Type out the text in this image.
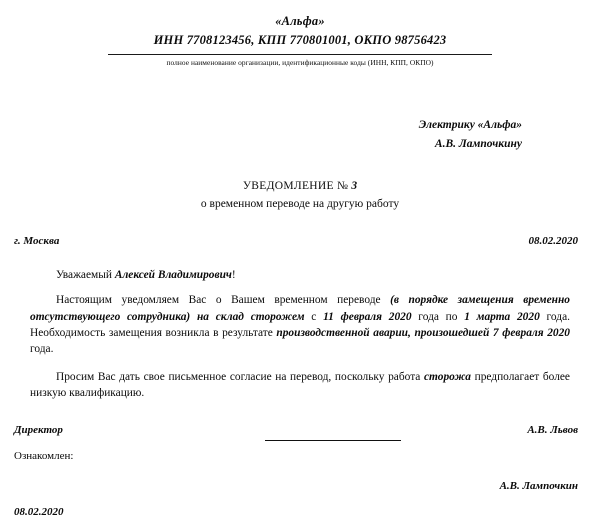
«Альфа»
ИНН 7708123456, КПП 770801001, ОКПО 98756423
полное наименование организации, идентификационные коды (ИНН, КПП, ОКПО)
Электрику «Альфа»
А.В. Лампочкину
УВЕДОМЛЕНИЕ № 3
о временном переводе на другую работу
г. Москва	08.02.2020
Уважаемый Алексей Владимирович!

Настоящим уведомляем Вас о Вашем временном переводе (в порядке замещения временно отсутствующего сотрудника) на склад сторожем с 11 февраля 2020 года по 1 марта 2020 года. Необходимость замещения возникла в результате производственной аварии, произошедшей 7 февраля 2020 года.

Просим Вас дать свое письменное согласие на перевод, поскольку работа сторожа предполагает более низкую квалификацию.

Директор	А.В. Львов
Ознакомлен:
А.В. Лампочкин
08.02.2020
